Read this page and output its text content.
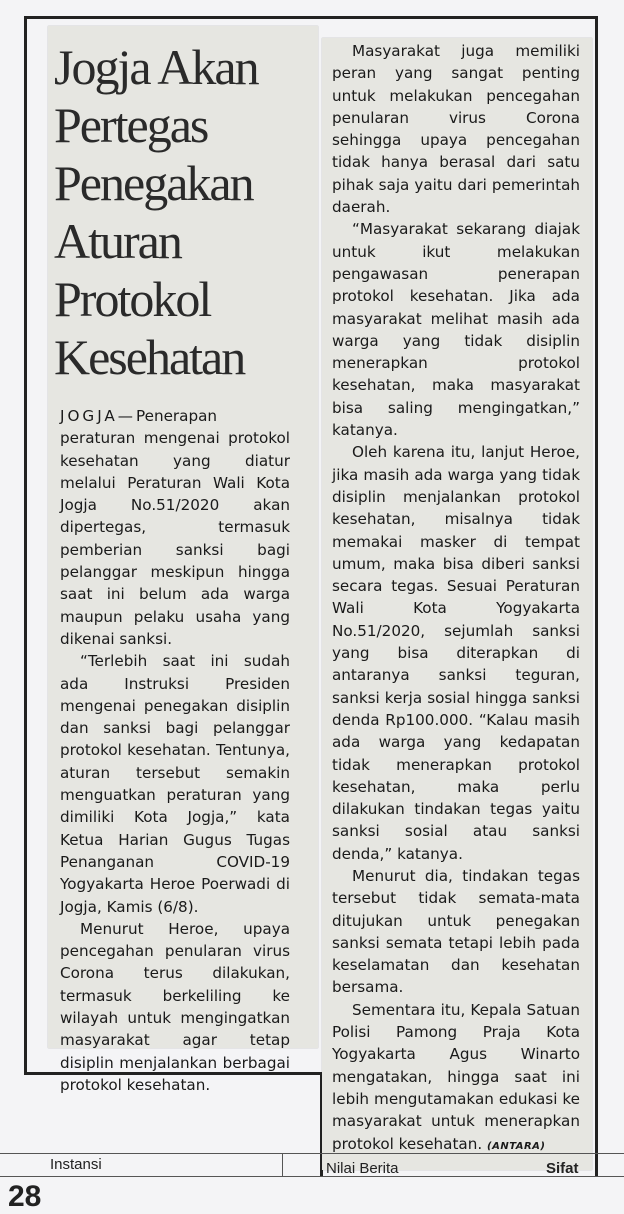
Jogja Akan
Pertegas
Penegakan
Aturan
Protokol
Kesehatan

JOGJA—Penerapan peraturan mengenai protokol kesehatan yang diatur melalui Peraturan Wali Kota Jogja No.51/2020 akan dipertegas, termasuk pemberian sanksi bagi pelanggar meskipun hingga saat ini belum ada warga maupun pelaku usaha yang dikenai sanksi.

“Terlebih saat ini sudah ada Instruksi Presiden mengenai penegakan disiplin dan sanksi bagi pelanggar protokol kesehatan. Tentunya, aturan tersebut semakin menguatkan peraturan yang dimiliki Kota Jogja,” kata Ketua Harian Gugus Tugas Penanganan COVID-19 Yogyakarta Heroe Poerwadi di Jogja, Kamis (6/8).

Menurut Heroe, upaya pencegahan penularan virus Corona terus dilakukan, termasuk berkeliling ke wilayah untuk mengingatkan masyarakat agar tetap disiplin menjalankan berbagai protokol kesehatan.

Masyarakat juga memiliki peran yang sangat penting untuk melakukan pencegahan penularan virus Corona sehingga upaya pencegahan tidak hanya berasal dari satu pihak saja yaitu dari pemerintah daerah.

“Masyarakat sekarang diajak untuk ikut melakukan pengawasan penerapan protokol kesehatan. Jika ada masyarakat melihat masih ada warga yang tidak disiplin menerapkan protokol kesehatan, maka masyarakat bisa saling mengingatkan,” katanya.

Oleh karena itu, lanjut Heroe, jika masih ada warga yang tidak disiplin menjalankan protokol kesehatan, misalnya tidak memakai masker di tempat umum, maka bisa diberi sanksi secara tegas. Sesuai Peraturan Wali Kota Yogyakarta No.51/2020, sejumlah sanksi yang bisa diterapkan di antaranya sanksi teguran, sanksi kerja sosial hingga sanksi denda Rp100.000. “Kalau masih ada warga yang kedapatan tidak menerapkan protokol kesehatan, maka perlu dilakukan tindakan tegas yaitu sanksi sosial atau sanksi denda,” katanya.

Menurut dia, tindakan tegas tersebut tidak semata-mata ditujukan untuk penegakan sanksi semata tetapi lebih pada keselamatan dan kesehatan bersama.

Sementara itu, Kepala Satuan Polisi Pamong Praja Kota Yogyakarta Agus Winarto mengatakan, hingga saat ini lebih mengutamakan edukasi ke masyarakat untuk menerapkan protokol kesehatan. (ANTARA)

Instansi	Nilai Berita	Sifat
28
